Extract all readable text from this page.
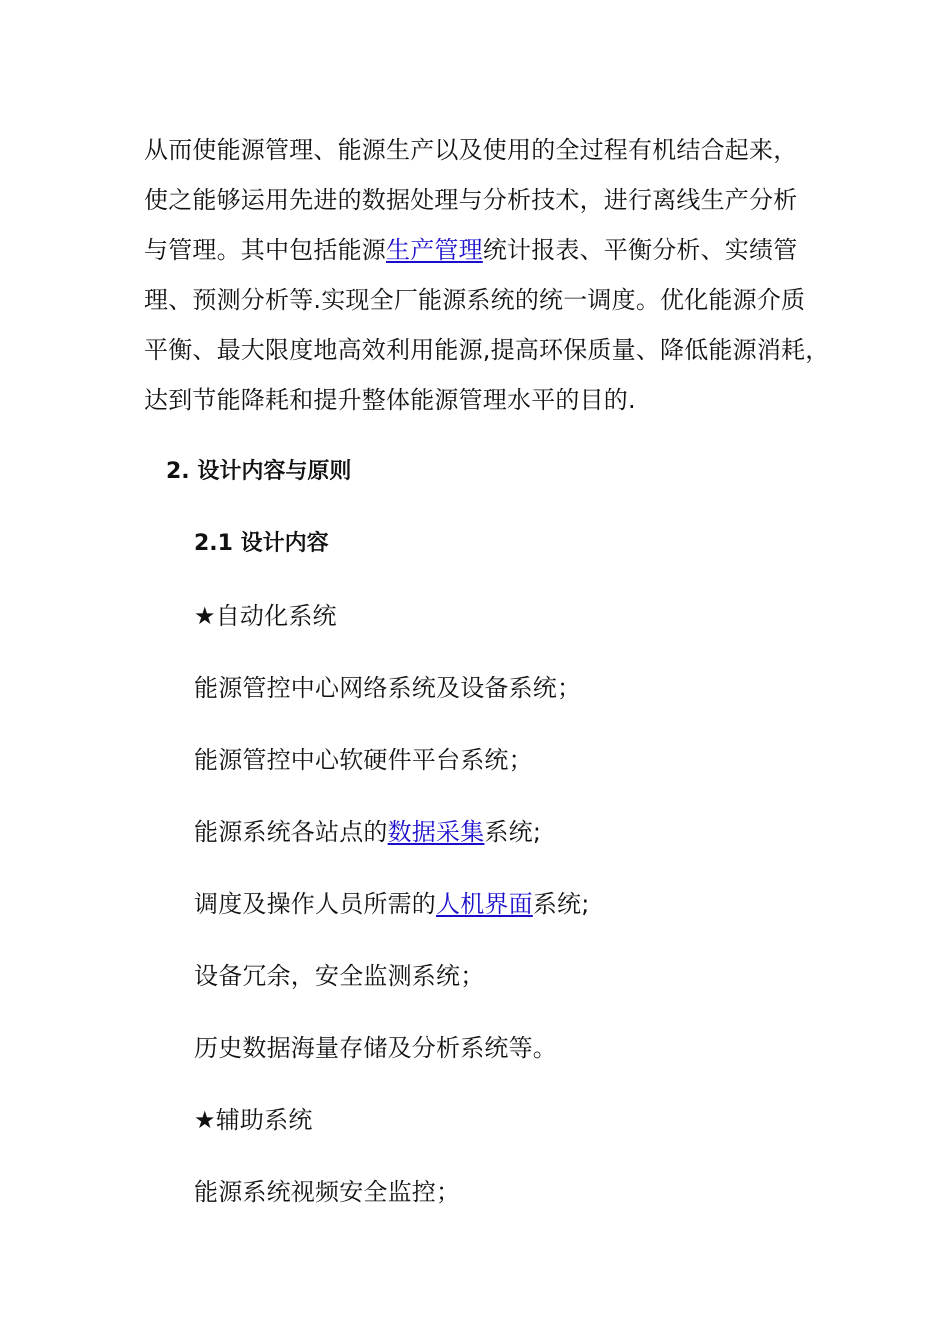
从而使能源管理、能源生产以及使用的全过程有机结合起来，
使之能够运用先进的数据处理与分析技术，进行离线生产分析
与管理。其中包括能源生产管理统计报表、平衡分析、实绩管
理、预测分析等.实现全厂能源系统的统一调度。优化能源介质
平衡、最大限度地高效利用能源,提高环保质量、降低能源消耗，
达到节能降耗和提升整体能源管理水平的目的.
2. 设计内容与原则
2.1 设计内容
★自动化系统
能源管控中心网络系统及设备系统；
能源管控中心软硬件平台系统；
能源系统各站点的数据采集系统;
调度及操作人员所需的人机界面系统;
设备冗余，安全监测系统；
历史数据海量存储及分析系统等。
★辅助系统
能源系统视频安全监控；
